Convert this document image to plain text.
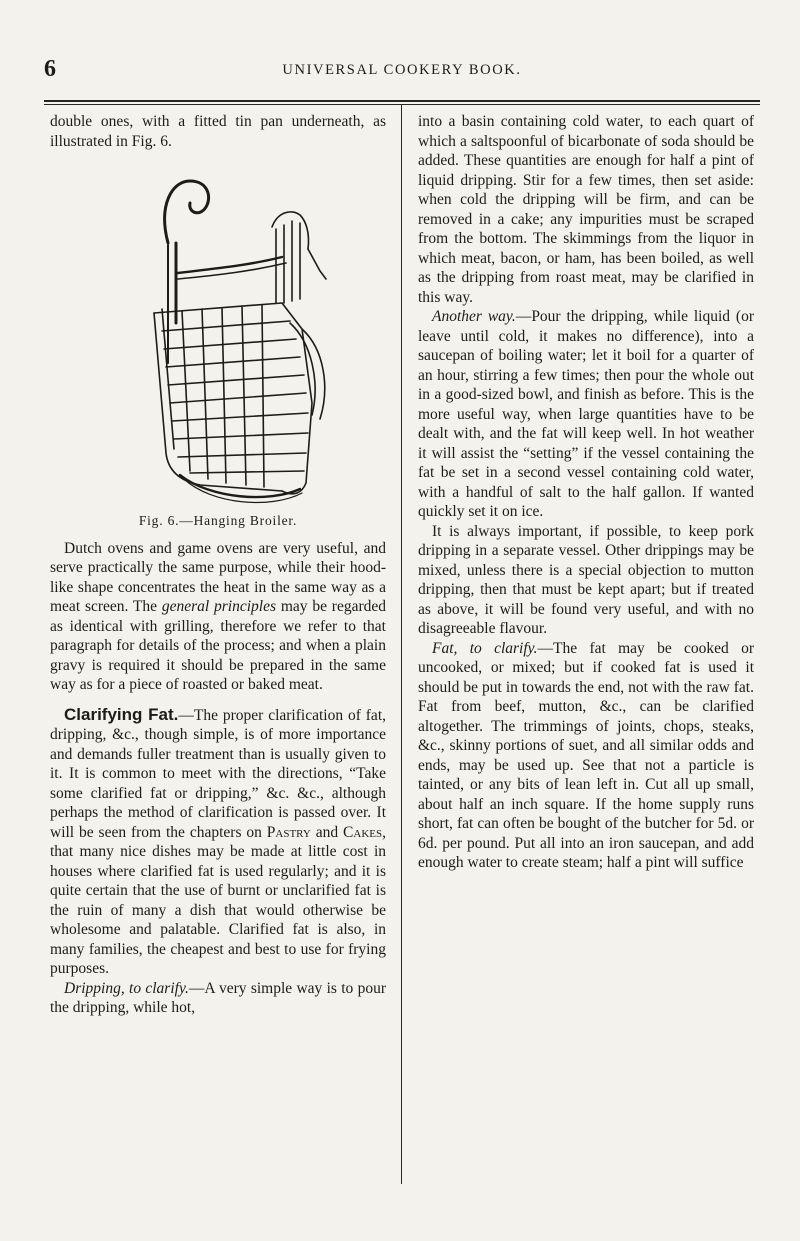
6	UNIVERSAL COOKERY BOOK.

double ones, with a fitted tin pan underneath, as illustrated in Fig. 6.

Fig. 6.—Hanging Broiler.

Dutch ovens and game ovens are very useful, and serve practically the same purpose, while their hood-like shape concentrates the heat in the same way as a meat screen. The general principles may be regarded as identical with grilling, therefore we refer to that paragraph for details of the process; and when a plain gravy is required it should be prepared in the same way as for a piece of roasted or baked meat.

Clarifying Fat.—The proper clarification of fat, dripping, &c., though simple, is of more importance and demands fuller treatment than is usually given to it. It is common to meet with the directions, “Take some clarified fat or dripping,” &c. &c., although perhaps the method of clarification is passed over. It will be seen from the chapters on Pastry and Cakes, that many nice dishes may be made at little cost in houses where clarified fat is used regularly; and it is quite certain that the use of burnt or unclarified fat is the ruin of many a dish that would otherwise be wholesome and palatable. Clarified fat is also, in many families, the cheapest and best to use for frying purposes.

Dripping, to clarify.—A very simple way is to pour the dripping, while hot,

into a basin containing cold water, to each quart of which a saltspoonful of bicarbonate of soda should be added. These quantities are enough for half a pint of liquid dripping. Stir for a few times, then set aside: when cold the dripping will be firm, and can be removed in a cake; any impurities must be scraped from the bottom. The skimmings from the liquor in which meat, bacon, or ham, has been boiled, as well as the dripping from roast meat, may be clarified in this way.

Another way.—Pour the dripping, while liquid (or leave until cold, it makes no difference), into a saucepan of boiling water; let it boil for a quarter of an hour, stirring a few times; then pour the whole out in a good-sized bowl, and finish as before. This is the more useful way, when large quantities have to be dealt with, and the fat will keep well. In hot weather it will assist the “setting” if the vessel containing the fat be set in a second vessel containing cold water, with a handful of salt to the half gallon. If wanted quickly set it on ice.

It is always important, if possible, to keep pork dripping in a separate vessel. Other drippings may be mixed, unless there is a special objection to mutton dripping, then that must be kept apart; but if treated as above, it will be found very useful, and with no disagreeable flavour.

Fat, to clarify.—The fat may be cooked or uncooked, or mixed; but if cooked fat is used it should be put in towards the end, not with the raw fat. Fat from beef, mutton, &c., can be clarified altogether. The trimmings of joints, chops, steaks, &c., skinny portions of suet, and all similar odds and ends, may be used up. See that not a particle is tainted, or any bits of lean left in. Cut all up small, about half an inch square. If the home supply runs short, fat can often be bought of the butcher for 5d. or 6d. per pound. Put all into an iron saucepan, and add enough water to create steam; half a pint will suffice
